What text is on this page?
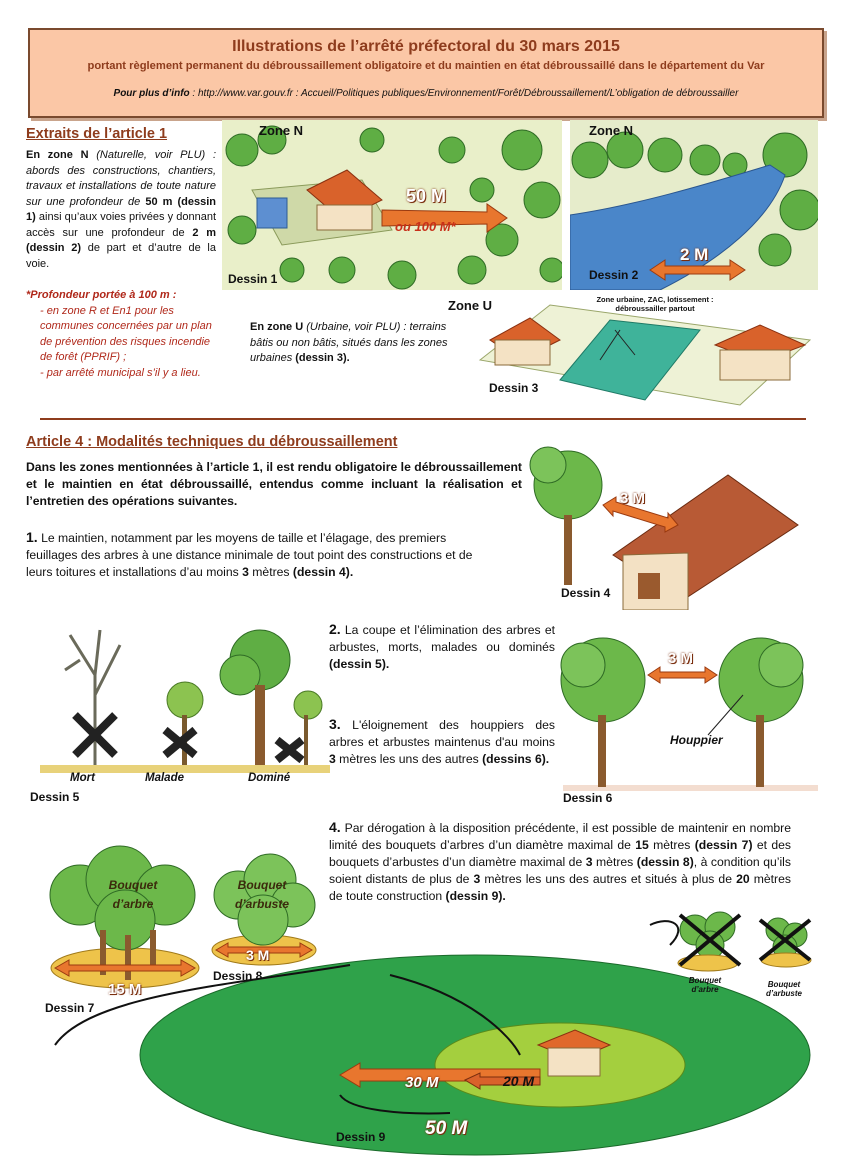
Illustrations de l’arrêté préfectoral du 30 mars 2015
portant règlement permanent du débroussaillement obligatoire et du maintien en état débroussaillé dans le département du Var
Pour plus d’info : http://www.var.gouv.fr : Accueil/Politiques publiques/Environnement/Forêt/Débroussaillement/L’obligation de débroussailler
Extraits de l’article 1
En zone N (Naturelle, voir PLU) : abords des constructions, chantiers, travaux et installations de toute nature sur une profondeur de 50 m (dessin 1) ainsi qu’aux voies privées y donnant accès sur une profondeur de 2 m (dessin 2) de part et d’autre de la voie.
*Profondeur portée à 100 m :
- en zone R et En1 pour les communes concernées par un plan de prévention des risques incendie de forêt (PPRIF) ;
- par arrêté municipal s’il y a lieu.
En zone U (Urbaine, voir PLU) : terrains bâtis ou non bâtis, situés dans les zones urbaines (dessin 3).
Zone N
50 M
ou 100 M*
Dessin 1
Zone N
2 M
Dessin 2
Zone U	Zone urbaine, ZAC, lotissement : débroussailler partout
Dessin 3
Article 4 : Modalités techniques du débroussaillement
Dans les zones mentionnées à l’article 1, il est rendu obligatoire le débroussaillement et le maintien en état débroussaillé, entendus comme incluant la réalisation et l’entretien des opérations suivantes.
1. Le maintien, notamment par les moyens de taille et l’élagage, des premiers feuillages des arbres à une distance minimale de tout point des constructions et de leurs toitures et installations d’au moins 3 mètres (dessin 4).
3 M
Dessin 4
Mort	Malade	Dominé
Dessin 5
2. La coupe et l’élimination des arbres et arbustes, morts, malades ou dominés (dessin 5).
3. L'éloignement des houppiers des arbres et arbustes maintenus d'au moins 3 mètres les uns des autres (dessins 6).
3 M
Houppier
Dessin 6
4. Par dérogation à la disposition précédente, il est possible de maintenir en nombre limité des bouquets d’arbres d’un diamètre maximal de 15 mètres (dessin 7) et des bouquets d’arbustes d’un diamètre maximal de 3 mètres (dessin 8), à condition qu’ils soient distants de plus de 3 mètres les uns des autres et situés à plus de 20 mètres de toute construction (dessin 9).
Bouquet d’arbre
15 M
Dessin 7
Bouquet d’arbuste
3 M
Dessin 8	Bouquet d’arbre
Bouquet d’arbuste
30 M	20 M
50 M
Dessin 9
